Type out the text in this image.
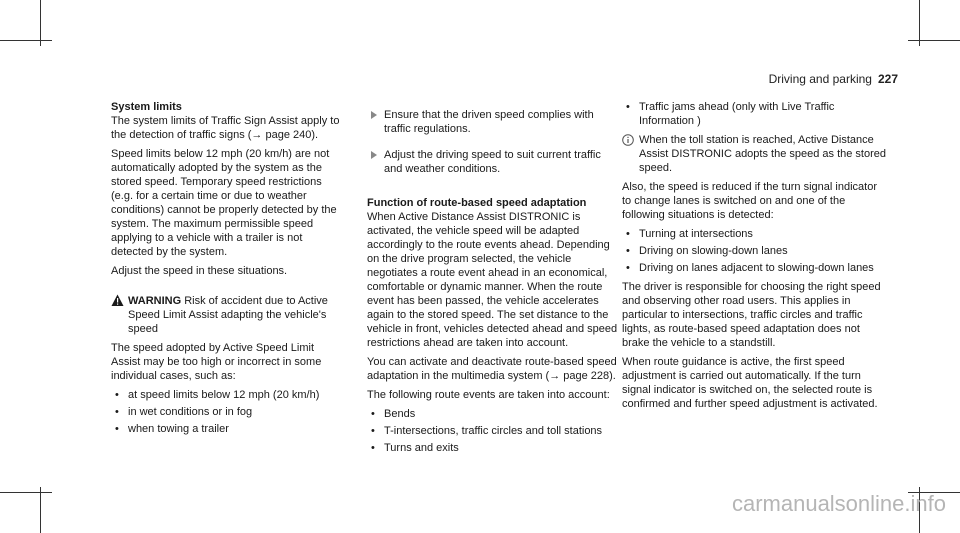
Driving and parking 227
System limits

The system limits of Traffic Sign Assist apply to the detection of traffic signs (→ page 240).

Speed limits below 12 mph (20 km/h) are not automatically adopted by the system as the stored speed. Temporary speed restrictions (e.g. for a certain time or due to weather conditions) cannot be properly detected by the system. The maximum permissible speed applying to a vehicle with a trailer is not detected by the system.

Adjust the speed in these situations.

WARNING Risk of accident due to Active Speed Limit Assist adapting the vehicle's speed

The speed adopted by Active Speed Limit Assist may be too high or incorrect in some individual cases, such as:

• at speed limits below 12 mph (20 km/h)
• in wet conditions or in fog
• when towing a trailer
Ensure that the driven speed complies with traffic regulations.
Adjust the driving speed to suit current traffic and weather conditions.
Function of route-based speed adaptation

When Active Distance Assist DISTRONIC is activated, the vehicle speed will be adapted accordingly to the route events ahead. Depending on the drive program selected, the vehicle negotiates a route event ahead in an economical, comfortable or dynamic manner. When the route event has been passed, the vehicle accelerates again to the stored speed. The set distance to the vehicle in front, vehicles detected ahead and speed restrictions ahead are taken into account.

You can activate and deactivate route-based speed adaptation in the multimedia system (→ page 228).

The following route events are taken into account:

• Bends
• T-intersections, traffic circles and toll stations
• Turns and exits
• Traffic jams ahead (only with Live Traffic Information )
When the toll station is reached, Active Distance Assist DISTRONIC adopts the speed as the stored speed.

Also, the speed is reduced if the turn signal indicator to change lanes is switched on and one of the following situations is detected:

• Turning at intersections
• Driving on slowing-down lanes
• Driving on lanes adjacent to slowing-down lanes

The driver is responsible for choosing the right speed and observing other road users. This applies in particular to intersections, traffic circles and traffic lights, as route-based speed adaptation does not brake the vehicle to a standstill.

When route guidance is active, the first speed adjustment is carried out automatically. If the turn signal indicator is switched on, the selected route is confirmed and further speed adjustment is activated.

carmanualsonline.info
